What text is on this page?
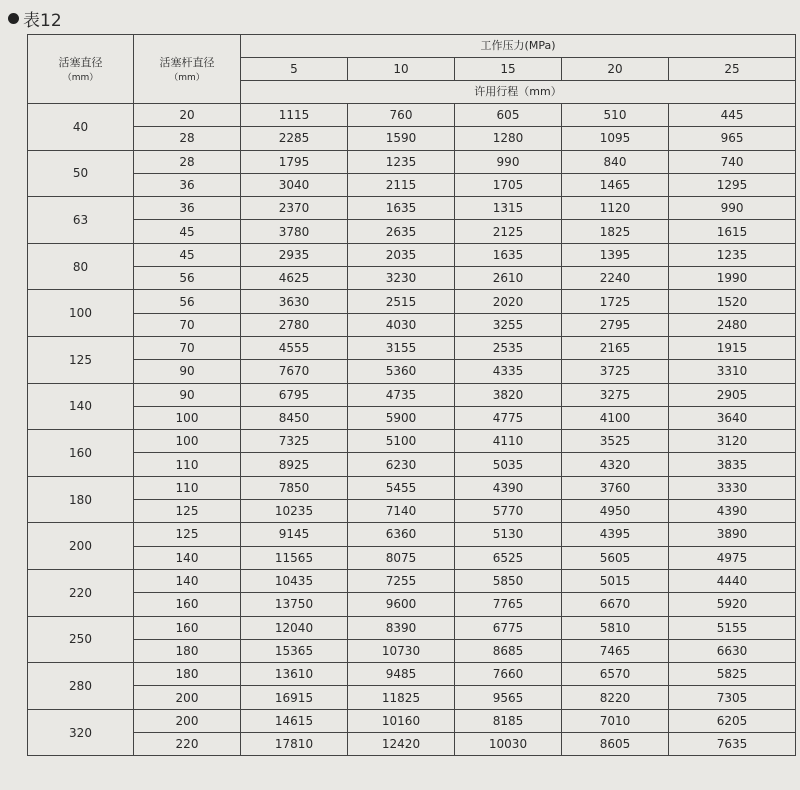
表12
活塞直径
（mm）	活塞杆直径
（mm）	工作压力(MPa)				
		5	10	15	20	25
		许用行程（mm）				
40	20	1115	760	605	510	445
	28	2285	1590	1280	1095	965
50	28	1795	1235	990	840	740
	36	3040	2115	1705	1465	1295
63	36	2370	1635	1315	1120	990
	45	3780	2635	2125	1825	1615
80	45	2935	2035	1635	1395	1235
	56	4625	3230	2610	2240	1990
100	56	3630	2515	2020	1725	1520
	70	2780	4030	3255	2795	2480
125	70	4555	3155	2535	2165	1915
	90	7670	5360	4335	3725	3310
140	90	6795	4735	3820	3275	2905
	100	8450	5900	4775	4100	3640
160	100	7325	5100	4110	3525	3120
	110	8925	6230	5035	4320	3835
180	110	7850	5455	4390	3760	3330
	125	10235	7140	5770	4950	4390
200	125	9145	6360	5130	4395	3890
	140	11565	8075	6525	5605	4975
220	140	10435	7255	5850	5015	4440
	160	13750	9600	7765	6670	5920
250	160	12040	8390	6775	5810	5155
	180	15365	10730	8685	7465	6630
280	180	13610	9485	7660	6570	5825
	200	16915	11825	9565	8220	7305
320	200	14615	10160	8185	7010	6205
	220	17810	12420	10030	8605	7635
